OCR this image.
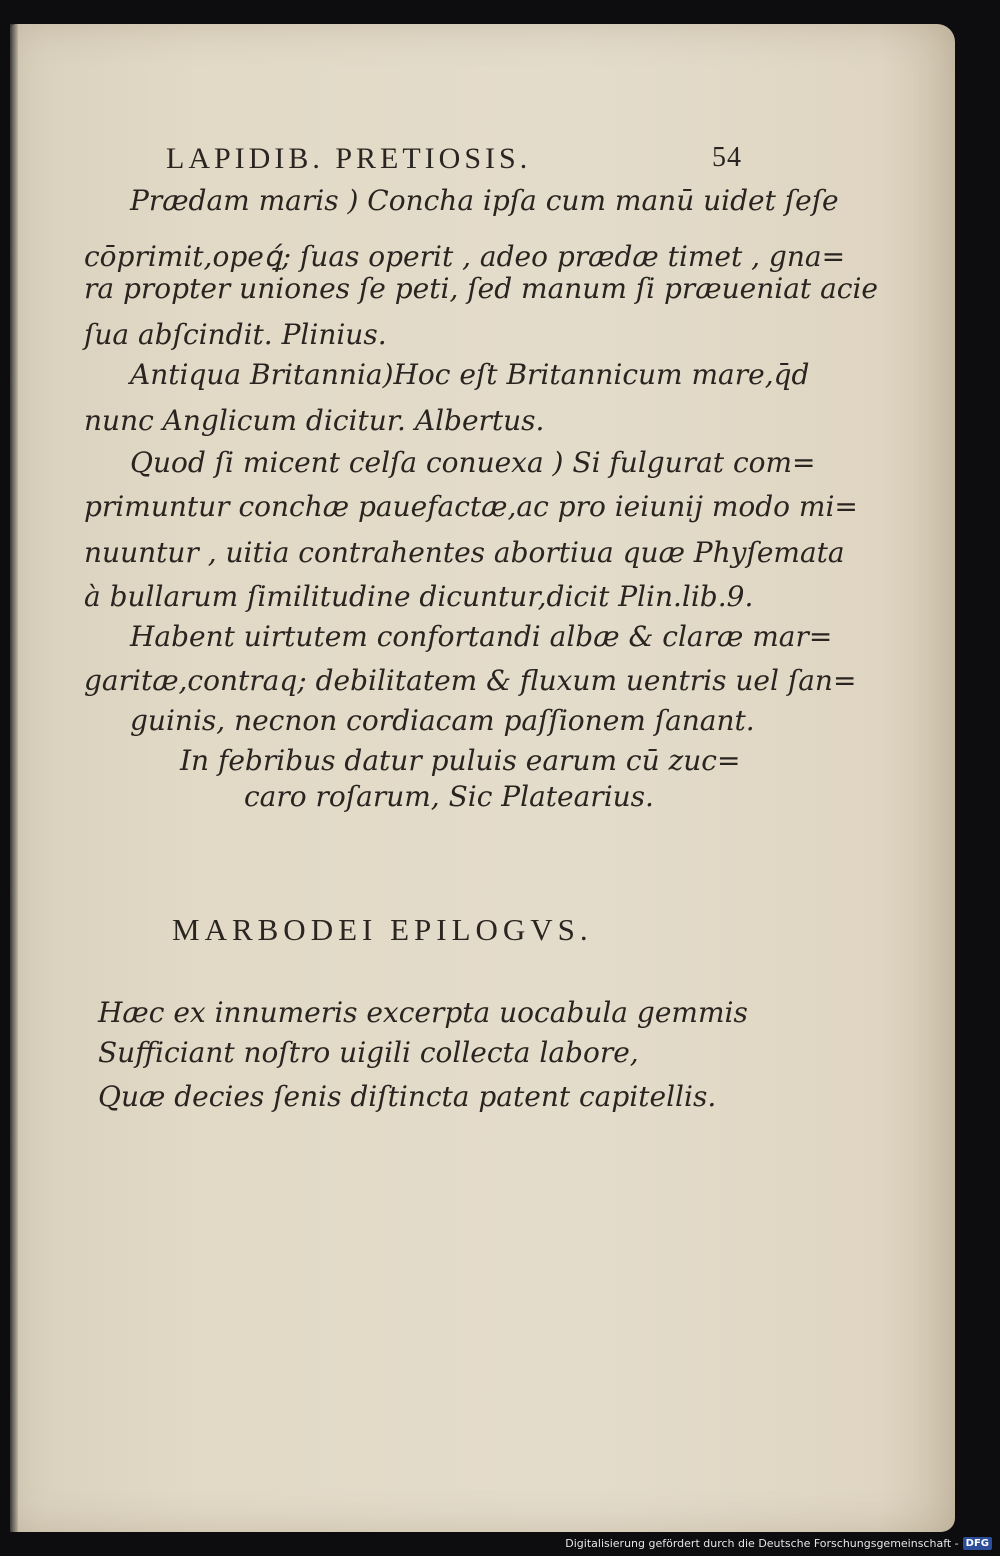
LAPIDIB. PRETIOSIS.	54
Prædam maris ) Concha ipſa cum manū uidet ſeſe
cōprimit,opeꝗ́; ſuas operit , adeo prædæ timet , gna=
ra propter uniones ſe peti, ſed manum ſi præueniat acie
ſua abſcindit. Plinius.
Antiqua Britannia)Hoc eſt Britannicum mare,q̄d
nunc Anglicum dicitur. Albertus.
Quod ſi micent celſa conuexa ) Si fulgurat com=
primuntur conchæ pauefactæ,ac pro ieiunij modo mi=
nuuntur , uitia contrahentes abortiua quæ Phyſemata
à bullarum ſimilitudine dicuntur,dicit Plin.lib.9.
Habent uirtutem confortandi albæ & claræ mar=
garitæ,contraq; debilitatem & fluxum uentris uel ſan=
guinis, necnon cordiacam paſſionem ſanant.
In febribus datur puluis earum cū zuc=
caro roſarum, Sic Platearius.
MARBODEI EPILOGVS.
Hæc ex innumeris excerpta uocabula gemmis
Sufficiant noſtro uigili collecta labore,
Quæ decies ſenis diſtincta patent capitellis.
Digitalisierung gefördert durch die Deutsche Forschungsgemeinschaft - DFG
